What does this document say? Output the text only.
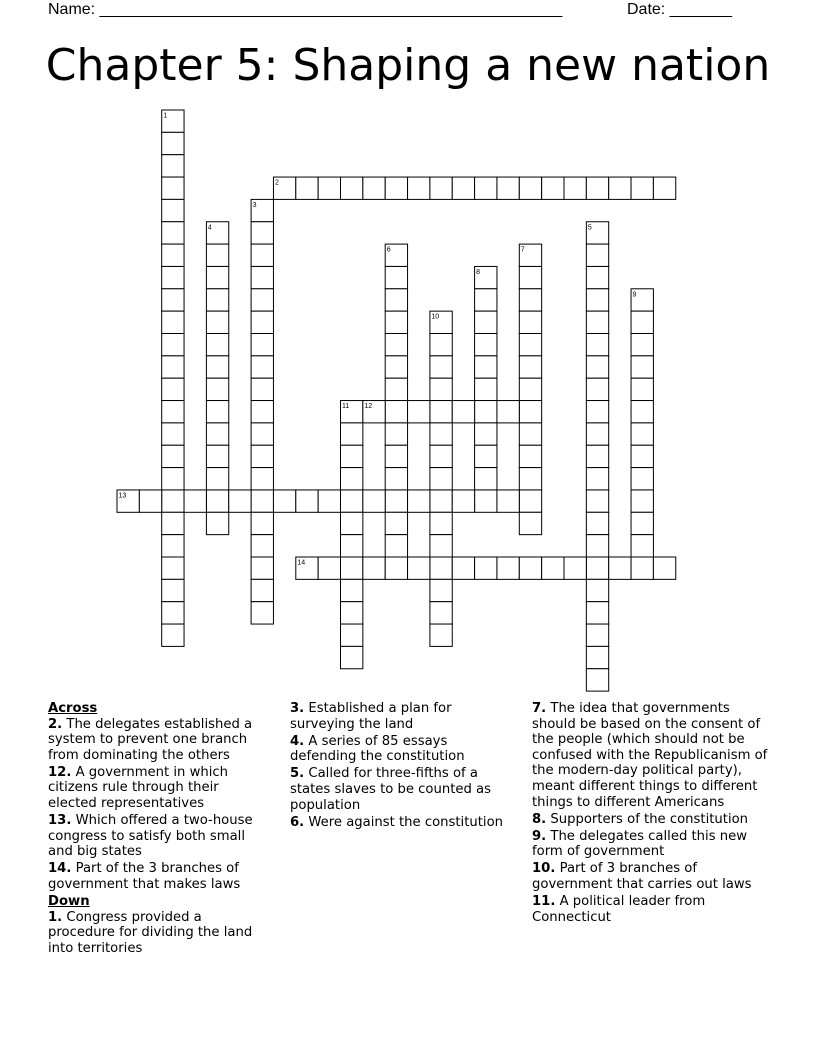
Name: ____________________________________________________	Date: _______
Chapter 5: Shaping a new nation
1
2
3
4	5
6	7
8
9
10
11 12
13
14
Across
2. The delegates established a system to prevent one branch from dominating the others
12. A government in which citizens rule through their elected representatives
13. Which offered a two-house congress to satisfy both small and big states
14. Part of the 3 branches of government that makes laws
Down
1. Congress provided a procedure for dividing the land into territories
3. Established a plan for surveying the land
4. A series of 85 essays defending the constitution
5. Called for three-fifths of a states slaves to be counted as population
6. Were against the constitution
7. The idea that governments should be based on the consent of the people (which should not be confused with the Republicanism of the modern-day political party), meant different things to different things to different Americans
8. Supporters of the constitution
9. The delegates called this new form of government
10. Part of 3 branches of government that carries out laws
11. A political leader from Connecticut
